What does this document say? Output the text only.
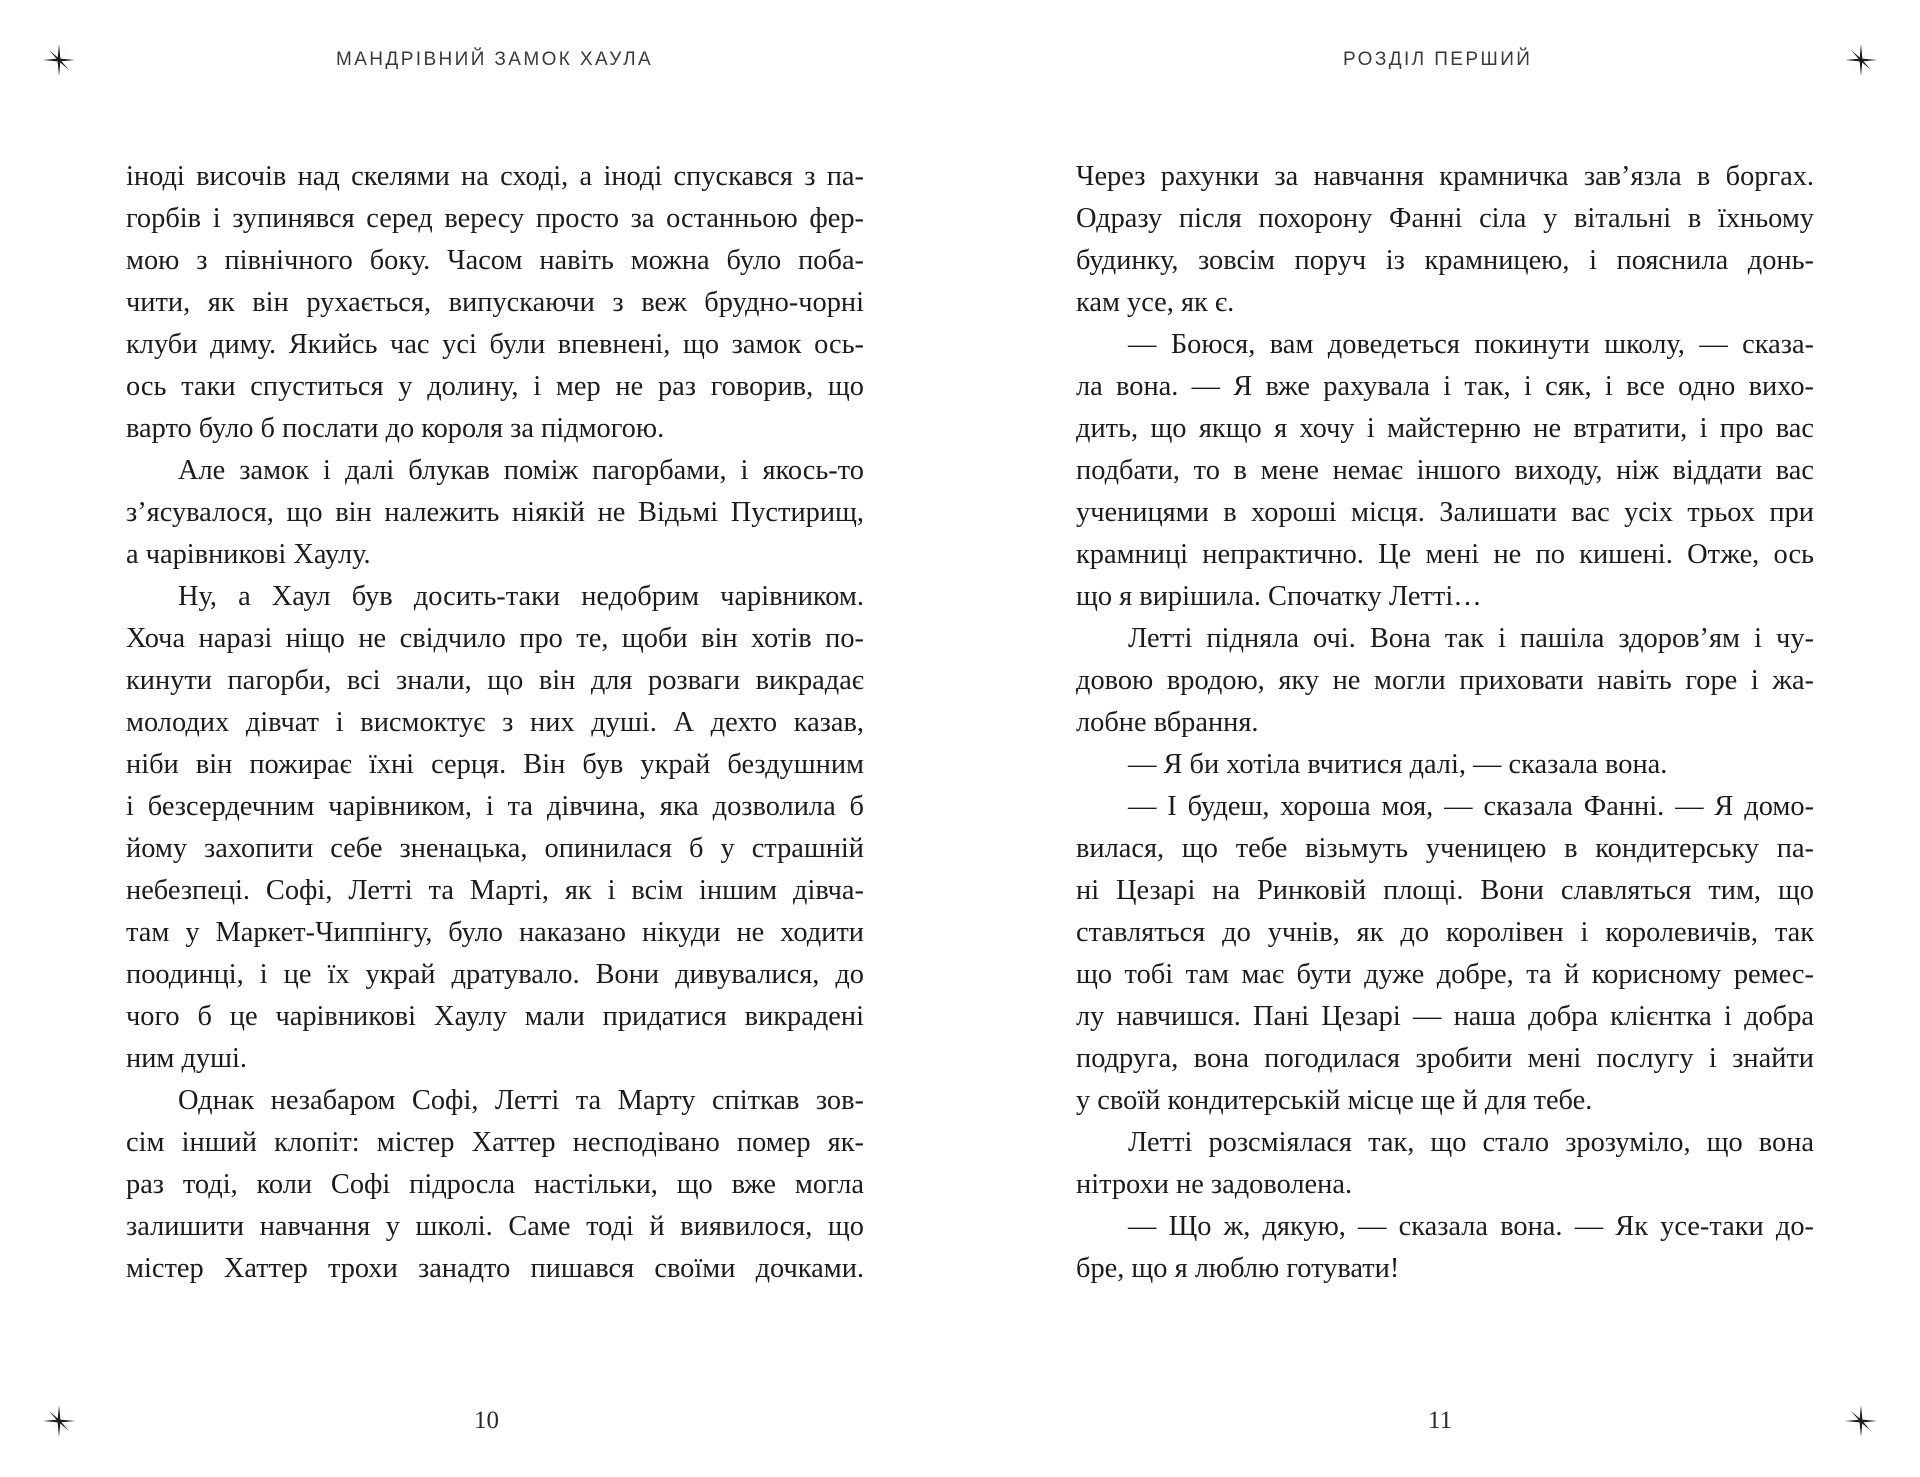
МАНДРІВНИЙ ЗАМОК ХАУЛА
іноді височів над скелями на сході, а іноді спускався з па-
горбів і зупинявся серед вересу просто за останньою фер-
мою з північного боку. Часом навіть можна було поба-
чити, як він рухається, випускаючи з веж брудно-чорні
клуби диму. Якийсь час усі були впевнені, що замок ось-
ось таки спуститься у долину, і мер не раз говорив, що
варто було б послати до короля за підмогою.
Але замок і далі блукав поміж пагорбами, і якось-то
з’ясувалося, що він належить ніякій не Відьмі Пустирищ,
а чарівникові Хаулу.
Ну, а Хаул був досить-таки недобрим чарівником.
Хоча наразі ніщо не свідчило про те, щоби він хотів по-
кинути пагорби, всі знали, що він для розваги викрадає
молодих дівчат і висмоктує з них душі. А дехто казав,
ніби він пожирає їхні серця. Він був украй бездушним
і безсердечним чарівником, і та дівчина, яка дозволила б
йому захопити себе зненацька, опинилася б у страшній
небезпеці. Софі, Летті та Марті, як і всім іншим дівча-
там у Маркет-Чиппінгу, було наказано нікуди не ходити
поодинці, і це їх украй дратувало. Вони дивувалися, до
чого б це чарівникові Хаулу мали придатися викрадені
ним душі.
Однак незабаром Софі, Летті та Марту спіткав зов-
сім інший клопіт: містер Хаттер несподівано помер як-
раз тоді, коли Софі підросла настільки, що вже могла
залишити навчання у школі. Саме тоді й виявилося, що
містер Хаттер трохи занадто пишався своїми дочками.
10
РОЗДІЛ ПЕРШИЙ
Через рахунки за навчання крамничка зав’язла в боргах.
Одразу після похорону Фанні сіла у вітальні в їхньому
будинку, зовсім поруч із крамницею, і пояснила донь-
кам усе, як є.
— Боюся, вам доведеться покинути школу, — сказа-
ла вона. — Я вже рахувала і так, і сяк, і все одно вихо-
дить, що якщо я хочу і майстерню не втратити, і про вас
подбати, то в мене немає іншого виходу, ніж віддати вас
ученицями в хороші місця. Залишати вас усіх трьох при
крамниці непрактично. Це мені не по кишені. Отже, ось
що я вирішила. Спочатку Летті…
Летті підняла очі. Вона так і пашіла здоров’ям і чу-
довою вродою, яку не могли приховати навіть горе і жа-
лобне вбрання.
— Я би хотіла вчитися далі, — сказала вона.
— І будеш, хороша моя, — сказала Фанні. — Я домо-
вилася, що тебе візьмуть ученицею в кондитерську па-
ні Цезарі на Ринковій площі. Вони славляться тим, що
ставляться до учнів, як до королівен і королевичів, так
що тобі там має бути дуже добре, та й корисному ремес-
лу навчишся. Пані Цезарі — наша добра клієнтка і добра
подруга, вона погодилася зробити мені послугу і знайти
у своїй кондитерській місце ще й для тебе.
Летті розсміялася так, що стало зрозуміло, що вона
нітрохи не задоволена.
— Що ж, дякую, — сказала вона. — Як усе-таки до-
бре, що я люблю готувати!
11
